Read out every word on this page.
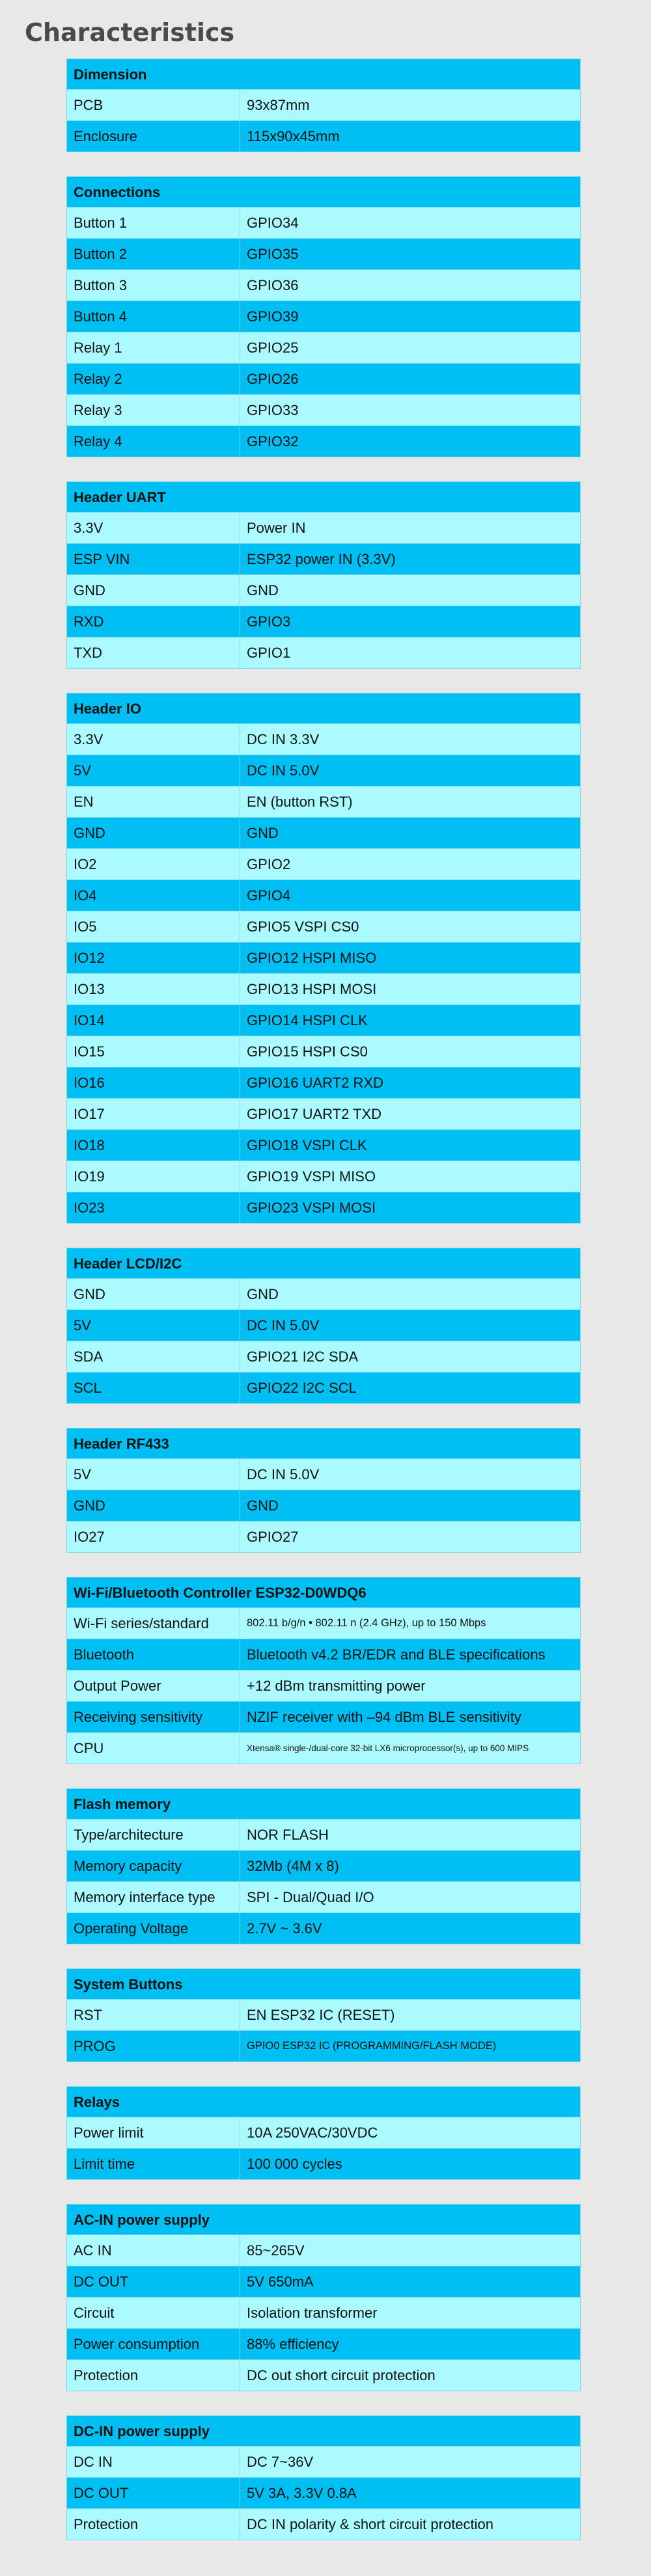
Characteristics
Dimension
PCB	93x87mm
Enclosure	115x90x45mm
Connections
Button 1	GPIO34
Button 2	GPIO35
Button 3	GPIO36
Button 4	GPIO39
Relay 1	GPIO25
Relay 2	GPIO26
Relay 3	GPIO33
Relay 4	GPIO32
Header UART
3.3V	Power IN
ESP VIN	ESP32 power IN (3.3V)
GND	GND
RXD	GPIO3
TXD	GPIO1
Header IO
3.3V	DC IN 3.3V
5V	DC IN 5.0V
EN	EN (button RST)
GND	GND
IO2	GPIO2
IO4	GPIO4
IO5	GPIO5 VSPI CS0
IO12	GPIO12 HSPI MISO
IO13	GPIO13 HSPI MOSI
IO14	GPIO14 HSPI CLK
IO15	GPIO15 HSPI CS0
IO16	GPIO16 UART2 RXD
IO17	GPIO17 UART2 TXD
IO18	GPIO18 VSPI CLK
IO19	GPIO19 VSPI MISO
IO23	GPIO23 VSPI MOSI
Header LCD/I2C
GND	GND
5V	DC IN 5.0V
SDA	GPIO21 I2C SDA
SCL	GPIO22 I2C SCL
Header RF433
5V	DC IN 5.0V
GND	GND
IO27	GPIO27
Wi-Fi/Bluetooth Controller ESP32-D0WDQ6
Wi-Fi series/standard	802.11 b/g/n • 802.11 n (2.4 GHz), up to 150 Mbps
Bluetooth	Bluetooth v4.2 BR/EDR and BLE specifications
Output Power	+12 dBm transmitting power
Receiving sensitivity	NZIF receiver with –94 dBm BLE sensitivity
CPU	Xtensa® single-/dual-core 32-bit LX6 microprocessor(s), up to 600 MIPS
Flash memory
Type/architecture	NOR FLASH
Memory capacity	32Mb (4M x 8)
Memory interface type	SPI - Dual/Quad I/O
Operating Voltage	2.7V ~ 3.6V
System Buttons
RST	EN ESP32 IC (RESET)
PROG	GPIO0 ESP32 IC (PROGRAMMING/FLASH MODE)
Relays
Power limit	10A 250VAC/30VDC
Limit time	100 000 cycles
AC-IN power supply
AC IN	85~265V
DC OUT	5V 650mA
Circuit	Isolation transformer
Power consumption	88% efficiency
Protection	DC out short circuit protection
DC-IN power supply
DC IN	DC 7~36V
DC OUT	5V 3A, 3.3V 0.8A
Protection	DC IN polarity & short circuit protection
